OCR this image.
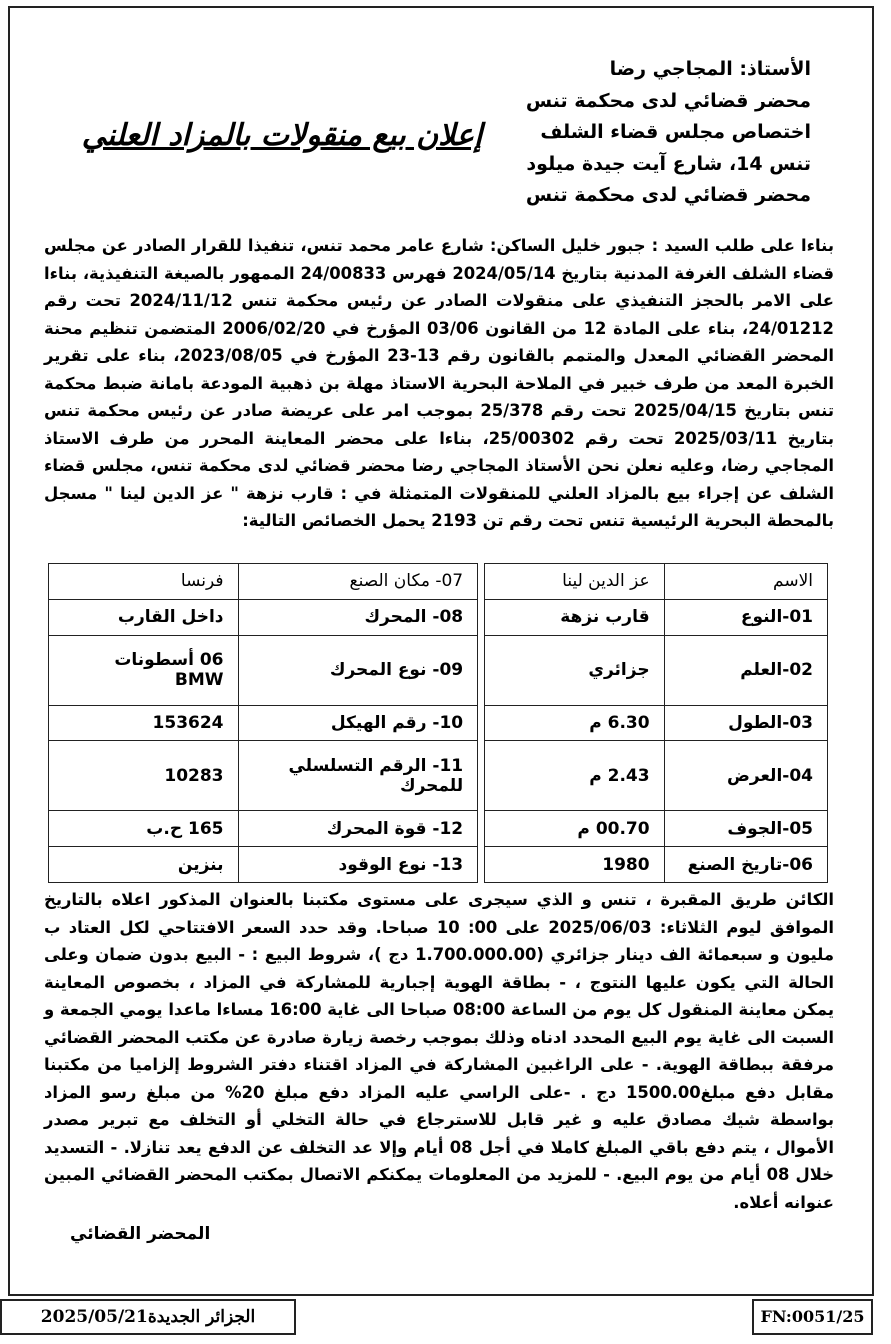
الأستاذ: المجاجي رضا
محضر قضائي لدى محكمة تنس
اختصاص مجلس قضاء الشلف
تنس 14، شارع آيت جيدة ميلود
محضر قضائي لدى محكمة تنس
إعلان بيع منقولات بالمزاد العلني
بناءا على طلب السيد : جبور خليل الساكن: شارع عامر محمد تنس، تنفيذا للقرار الصادر عن مجلس قضاء الشلف الغرفة المدنية بتاريخ 2024/05/14 فهرس 24/00833 الممهور بالصيغة التنفيذية، بناءا على الامر بالحجز التنفيذي على منقولات الصادر عن رئيس محكمة تنس 2024/11/12 تحت رقم 24/01212، بناء على المادة 12 من القانون 03/06 المؤرخ في 2006/02/20 المتضمن تنظيم محنة المحضر القضائي المعدل والمتمم بالقانون رقم 13-23 المؤرخ في 2023/08/05، بناء على تقرير الخبرة المعد من طرف خبير في الملاحة البحرية الاستاذ مهلة بن ذهبية المودعة بامانة ضبط محكمة تنس بتاريخ 2025/04/15 تحت رقم 25/378 بموجب امر على عريضة صادر عن رئيس محكمة تنس بتاريخ 2025/03/11 تحت رقم 25/00302، بناءا على محضر المعاينة المحرر من طرف الاستاذ المجاجي رضا، وعليه نعلن نحن الأستاذ المجاجي رضا محضر قضائي لدى محكمة تنس، مجلس قضاء الشلف عن إجراء بيع بالمزاد العلني للمنقولات المتمثلة في : قارب نزهة " عز الدين لينا " مسجل بالمحطة البحرية الرئيسية تنس تحت رقم تن 2193 يحمل الخصائص التالية:
الاسم	عز الدين لينا		07- مكان الصنع	فرنسا
01-النوع	قارب نزهة		08- المحرك	داخل القارب
02-العلم	جزائري		09- نوع المحرك	06 أسطونات BMW
03-الطول	6.30 م		10- رقم الهيكل	153624
04-العرض	2.43 م		11- الرقم التسلسلي للمحرك	10283
05-الجوف	00.70 م		12- قوة المحرك	165 ح.ب
06-تاريخ الصنع	1980		13- نوع الوقود	بنزين
الكائن طريق المقبرة ، تنس و الذي سيجرى على مستوى مكتبنا بالعنوان المذكور اعلاه بالتاريخ الموافق ليوم الثلاثاء: 2025/06/03 على 00: 10 صباحا. وقد حدد السعر الافتتاحي لكل العتاد ب مليون و سبعمائة الف دينار جزائري (1.700.000.00 دج )، شروط البيع : - البيع بدون ضمان وعلى الحالة التي يكون عليها النتوج ، - بطاقة الهوية إجبارية للمشاركة في المزاد ، بخصوص المعاينة يمكن معاينة المنقول كل يوم من الساعة 08:00 صباحا الى غاية 16:00 مساءا ماعدا يومي الجمعة و السبت الى غاية يوم البيع المحدد ادناه وذلك بموجب رخصة زيارة صادرة عن مكتب المحضر القضائي مرفقة ببطاقة الهوية. - على الراغبين المشاركة في المزاد اقتناء دفتر الشروط إلزاميا من مكتبنا مقابل دفع مبلغ1500.00 دج . -على الراسي عليه المزاد دفع مبلغ 20% من مبلغ رسو المزاد بواسطة شيك مصادق عليه و غير قابل للاسترجاع في حالة التخلي أو التخلف مع تبرير مصدر الأموال ، يتم دفع باقي المبلغ كاملا في أجل 08 أيام وإلا عد التخلف عن الدفع يعد تنازلا. - التسديد خلال 08 أيام من يوم البيع. - للمزيد من المعلومات يمكنكم الاتصال بمكتب المحضر القضائي المبين عنوانه أعلاه.
المحضر القضائي
الجزائر الجديدة2025/05/21	FN:0051/25
